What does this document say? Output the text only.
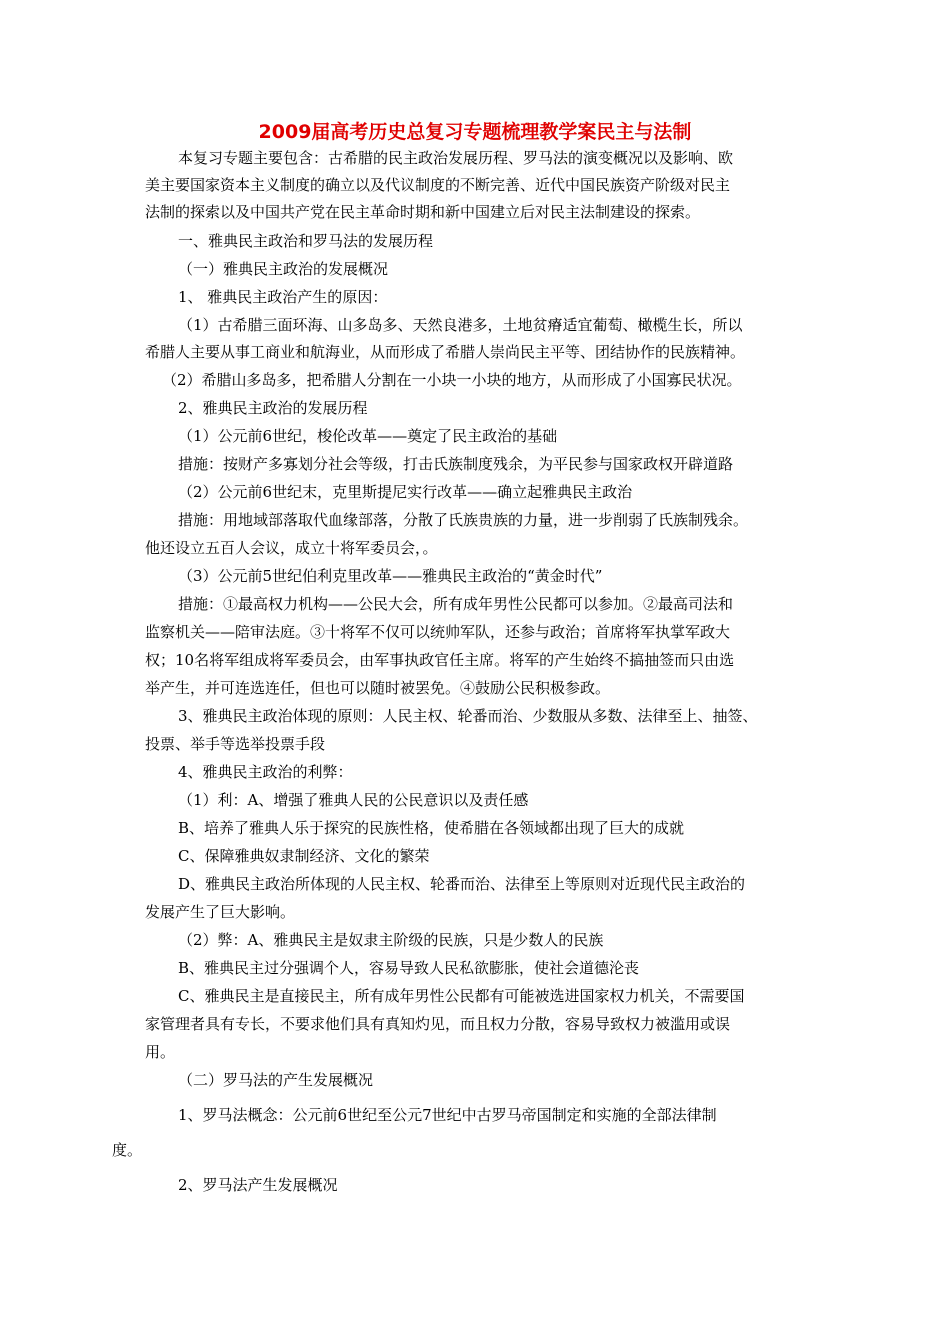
2009届高考历史总复习专题梳理教学案民主与法制
本复习专题主要包含：古希腊的民主政治发展历程、罗马法的演变概况以及影响、欧
美主要国家资本主义制度的确立以及代议制度的不断完善、近代中国民族资产阶级对民主
法制的探索以及中国共产党在民主革命时期和新中国建立后对民主法制建设的探索。
一、雅典民主政治和罗马法的发展历程
（一）雅典民主政治的发展概况
1、 雅典民主政治产生的原因：
（1）古希腊三面环海、山多岛多、天然良港多，土地贫瘠适宜葡萄、橄榄生长，所以
希腊人主要从事工商业和航海业，从而形成了希腊人崇尚民主平等、团结协作的民族精神。
（2）希腊山多岛多，把希腊人分割在一小块一小块的地方，从而形成了小国寡民状况。
2、雅典民主政治的发展历程
（1）公元前6世纪，梭伦改革——奠定了民主政治的基础
措施：按财产多寡划分社会等级，打击氏族制度残余，为平民参与国家政权开辟道路
（2）公元前6世纪末，克里斯提尼实行改革——确立起雅典民主政治
措施：用地域部落取代血缘部落，分散了氏族贵族的力量，进一步削弱了氏族制残余。
他还设立五百人会议，成立十将军委员会，。
（3）公元前5世纪伯利克里改革——雅典民主政治的“黄金时代”
措施：①最高权力机构——公民大会，所有成年男性公民都可以参加。②最高司法和
监察机关——陪审法庭。③十将军不仅可以统帅军队，还参与政治；首席将军执掌军政大
权；10名将军组成将军委员会，由军事执政官任主席。将军的产生始终不搞抽签而只由选
举产生，并可连选连任，但也可以随时被罢免。④鼓励公民积极参政。
3、雅典民主政治体现的原则：人民主权、轮番而治、少数服从多数、法律至上、抽签、
投票、举手等选举投票手段
4、雅典民主政治的利弊：
（1）利：A、增强了雅典人民的公民意识以及责任感
B、培养了雅典人乐于探究的民族性格，使希腊在各领域都出现了巨大的成就
C、保障雅典奴隶制经济、文化的繁荣
D、雅典民主政治所体现的人民主权、轮番而治、法律至上等原则对近现代民主政治的
发展产生了巨大影响。
（2）弊：A、雅典民主是奴隶主阶级的民族，只是少数人的民族
B、雅典民主过分强调个人，容易导致人民私欲膨胀，使社会道德沦丧
C、雅典民主是直接民主，所有成年男性公民都有可能被选进国家权力机关，不需要国
家管理者具有专长，不要求他们具有真知灼见，而且权力分散，容易导致权力被滥用或误
用。
（二）罗马法的产生发展概况
1、罗马法概念：公元前6世纪至公元7世纪中古罗马帝国制定和实施的全部法律制
度。
2、罗马法产生发展概况
